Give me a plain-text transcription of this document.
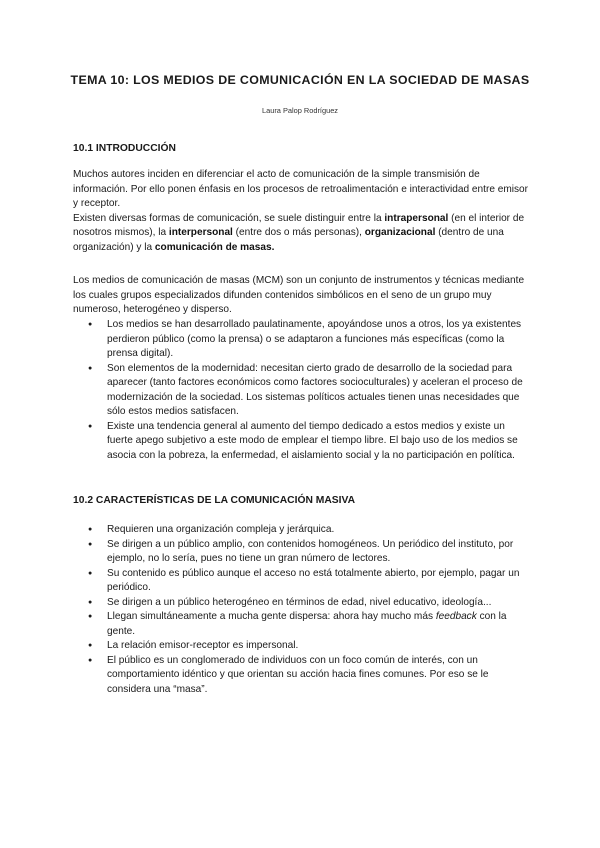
TEMA 10: LOS MEDIOS DE COMUNICACIÓN EN LA SOCIEDAD DE MASAS
Laura Palop Rodríguez
10.1 INTRODUCCIÓN

Muchos autores inciden en diferenciar el acto de comunicación de la simple transmisión de información. Por ello ponen énfasis en los procesos de retroalimentación e interactividad entre emisor y receptor.

Existen diversas formas de comunicación, se suele distinguir entre la intrapersonal (en el interior de nosotros mismos), la interpersonal (entre dos o más personas), organizacional (dentro de una organización) y la comunicación de masas.

Los medios de comunicación de masas (MCM) son un conjunto de instrumentos y técnicas mediante los cuales grupos especializados difunden contenidos simbólicos en el seno de un grupo muy numeroso, heterogéneo y disperso.
● Los medios se han desarrollado paulatinamente, apoyándose unos a otros, los ya existentes perdieron público (como la prensa) o se adaptaron a funciones más específicas (como la prensa digital).
● Son elementos de la modernidad: necesitan cierto grado de desarrollo de la sociedad para aparecer (tanto factores económicos como factores socioculturales) y aceleran el proceso de modernización de la sociedad. Los sistemas políticos actuales tienen unas necesidades que sólo estos medios satisfacen.
● Existe una tendencia general al aumento del tiempo dedicado a estos medios y existe un fuerte apego subjetivo a este modo de emplear el tiempo libre. El bajo uso de los medios se asocia con la pobreza, la enfermedad, el aislamiento social y la no participación en política.
10.2 CARACTERÍSTICAS DE LA COMUNICACIÓN MASIVA
● Requieren una organización compleja y jerárquica.
● Se dirigen a un público amplio, con contenidos homogéneos. Un periódico del instituto, por ejemplo, no lo sería, pues no tiene un gran número de lectores.
● Su contenido es público aunque el acceso no está totalmente abierto, por ejemplo, pagar un periódico.
● Se dirigen a un público heterogéneo en términos de edad, nivel educativo, ideología...
● Llegan simultáneamente a mucha gente dispersa: ahora hay mucho más feedback con la gente.
● La relación emisor-receptor es impersonal.
● El público es un conglomerado de individuos con un foco común de interés, con un comportamiento idéntico y que orientan su acción hacia fines comunes. Por eso se le considera una “masa”.
